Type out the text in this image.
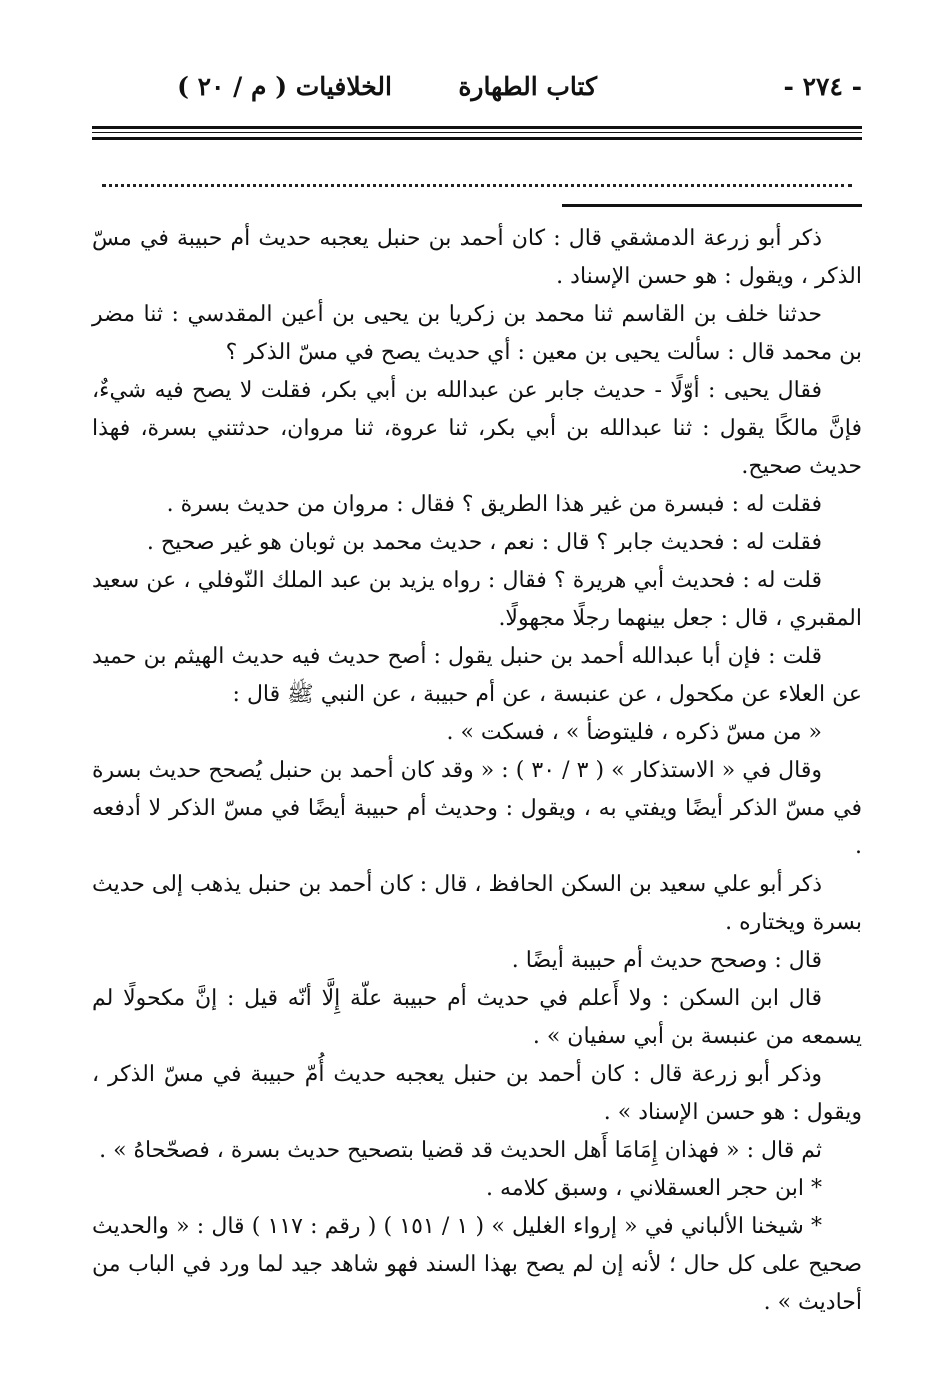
- ٢٧٤ -
كتاب الطهارة
الخلافيات ( م / ٢٠ )

ذكر أبو زرعة الدمشقي قال : كان أحمد بن حنبل يعجبه حديث أم حبيبة في مسّ الذكر ، ويقول : هو حسن الإسناد .

حدثنا خلف بن القاسم ثنا محمد بن زكريا بن يحيى بن أعين المقدسي : ثنا مضر بن محمد قال : سألت يحيى بن معين : أي حديث يصح في مسّ الذكر ؟

فقال يحيى : أوّلًا - حديث جابر عن عبدالله بن أبي بكر، فقلت لا يصح فيه شيءٌ، فإنَّ مالكًا يقول : ثنا عبدالله بن أبي بكر، ثنا عروة، ثنا مروان، حدثتني بسرة، فهذا حديث صحيح.

فقلت له : فبسرة من غير هذا الطريق ؟ فقال : مروان من حديث بسرة .

فقلت له : فحديث جابر ؟ قال : نعم ، حديث محمد بن ثوبان هو غير صحيح .

قلت له : فحديث أبي هريرة ؟ فقال : رواه يزيد بن عبد الملك النّوفلي ، عن سعيد المقبري ، قال : جعل بينهما رجلًا مجهولًا.

قلت : فإن أبا عبدالله أحمد بن حنبل يقول : أصح حديث فيه حديث الهيثم بن حميد عن العلاء عن مكحول ، عن عنبسة ، عن أم حبيبة ، عن النبي ﷺ قال :

« من مسّ ذكره ، فليتوضأ » ، فسكت » .

وقال في « الاستذكار » ( ٣ / ٣٠ ) : « وقد كان أحمد بن حنبل يُصحح حديث بسرة في مسّ الذكر أيضًا ويفتي به ، ويقول : وحديث أم حبيبة أيضًا في مسّ الذكر لا أدفعه .

ذكر أبو علي سعيد بن السكن الحافظ ، قال : كان أحمد بن حنبل يذهب إلى حديث بسرة ويختاره .

قال : وصحح حديث أم حبيبة أيضًا .

قال ابن السكن : ولا أَعلم في حديث أم حبيبة علّة إِلَّا أنّه قيل : إنَّ مكحولًا لم يسمعه من عنبسة بن أبي سفيان » .

وذكر أبو زرعة قال : كان أحمد بن حنبل يعجبه حديث أُمّ حبيبة في مسّ الذكر ، ويقول : هو حسن الإسناد » .

ثم قال : « فهذان إِمَامَا أَهل الحديث قد قضيا بتصحيح حديث بسرة ، فصحّحاهُ » .

* ابن حجر العسقلاني ، وسبق كلامه .

* شيخنا الألباني في « إرواء الغليل » ( ١ / ١٥١ ) ( رقم : ١١٧ ) قال : « والحديث صحيح على كل حال ؛ لأنه إن لم يصح بهذا السند فهو شاهد جيد لما ورد في الباب من أحاديث » .
